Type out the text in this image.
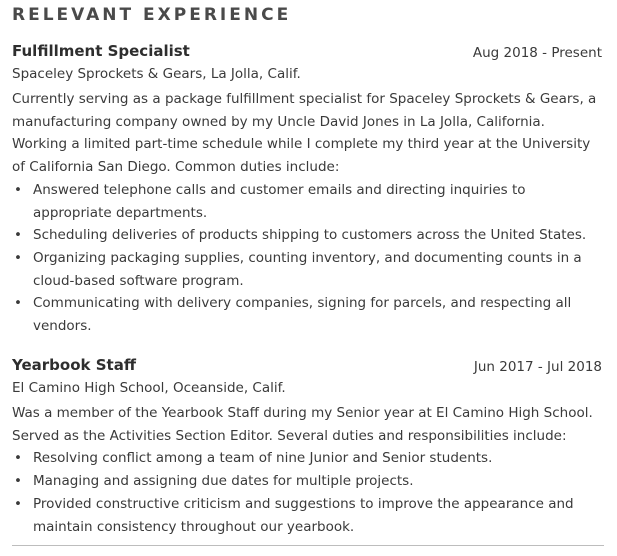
RELEVANT EXPERIENCE
Fulfillment Specialist	Aug 2018 - Present
Spaceley Sprockets & Gears, La Jolla, Calif.
Currently serving as a package fulfillment specialist for Spaceley Sprockets & Gears, a manufacturing company owned by my Uncle David Jones in La Jolla, California. Working a limited part-time schedule while I complete my third year at the University of California San Diego. Common duties include:
• Answered telephone calls and customer emails and directing inquiries to appropriate departments.
• Scheduling deliveries of products shipping to customers across the United States.
• Organizing packaging supplies, counting inventory, and documenting counts in a cloud-based software program.
• Communicating with delivery companies, signing for parcels, and respecting all vendors.
Yearbook Staff	Jun 2017 - Jul 2018
El Camino High School, Oceanside, Calif.
Was a member of the Yearbook Staff during my Senior year at El Camino High School. Served as the Activities Section Editor. Several duties and responsibilities include:
• Resolving conflict among a team of nine Junior and Senior students.
• Managing and assigning due dates for multiple projects.
• Provided constructive criticism and suggestions to improve the appearance and maintain consistency throughout our yearbook.
